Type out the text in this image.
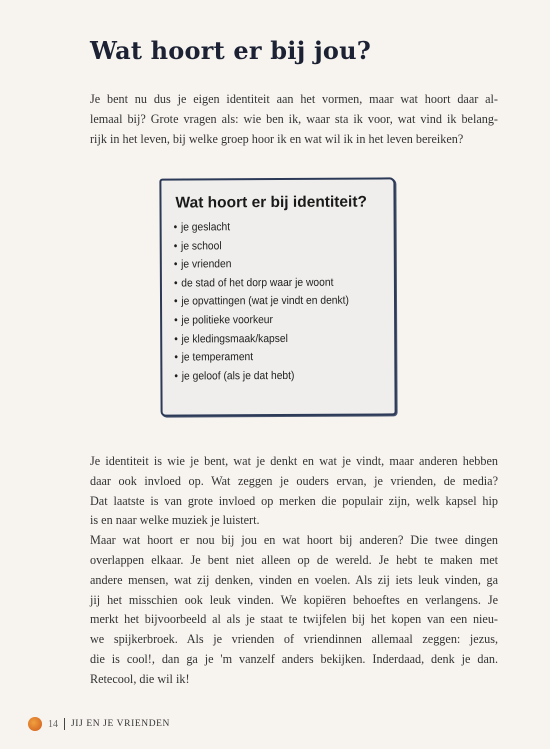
Wat hoort er bij jou?

Je bent nu dus je eigen identiteit aan het vormen, maar wat hoort daar al-
lemaal bij? Grote vragen als: wie ben ik, waar sta ik voor, wat vind ik belang-
rijk in het leven, bij welke groep hoor ik en wat wil ik in het leven bereiken?

Wat hoort er bij identiteit?

• je geslacht
• je school
• je vrienden
• de stad of het dorp waar je woont
• je opvattingen (wat je vindt en denkt)
• je politieke voorkeur
• je kledingsmaak/kapsel
• je temperament
• je geloof (als je dat hebt)

Je identiteit is wie je bent, wat je denkt en wat je vindt, maar anderen hebben
daar ook invloed op. Wat zeggen je ouders ervan, je vrienden, de media?
Dat laatste is van grote invloed op merken die populair zijn, welk kapsel hip
is en naar welke muziek je luistert.
Maar wat hoort er nou bij jou en wat hoort bij anderen? Die twee dingen
overlappen elkaar. Je bent niet alleen op de wereld. Je hebt te maken met
andere mensen, wat zij denken, vinden en voelen. Als zij iets leuk vinden, ga
jij het misschien ook leuk vinden. We kopiëren behoeftes en verlangens. Je
merkt het bijvoorbeeld al als je staat te twijfelen bij het kopen van een nieu-
we spijkerbroek. Als je vrienden of vriendinnen allemaal zeggen: jezus,
die is cool!, dan ga je 'm vanzelf anders bekijken. Inderdaad, denk je dan.
Retecool, die wil ik!

14 JIJ EN JE VRIENDEN
